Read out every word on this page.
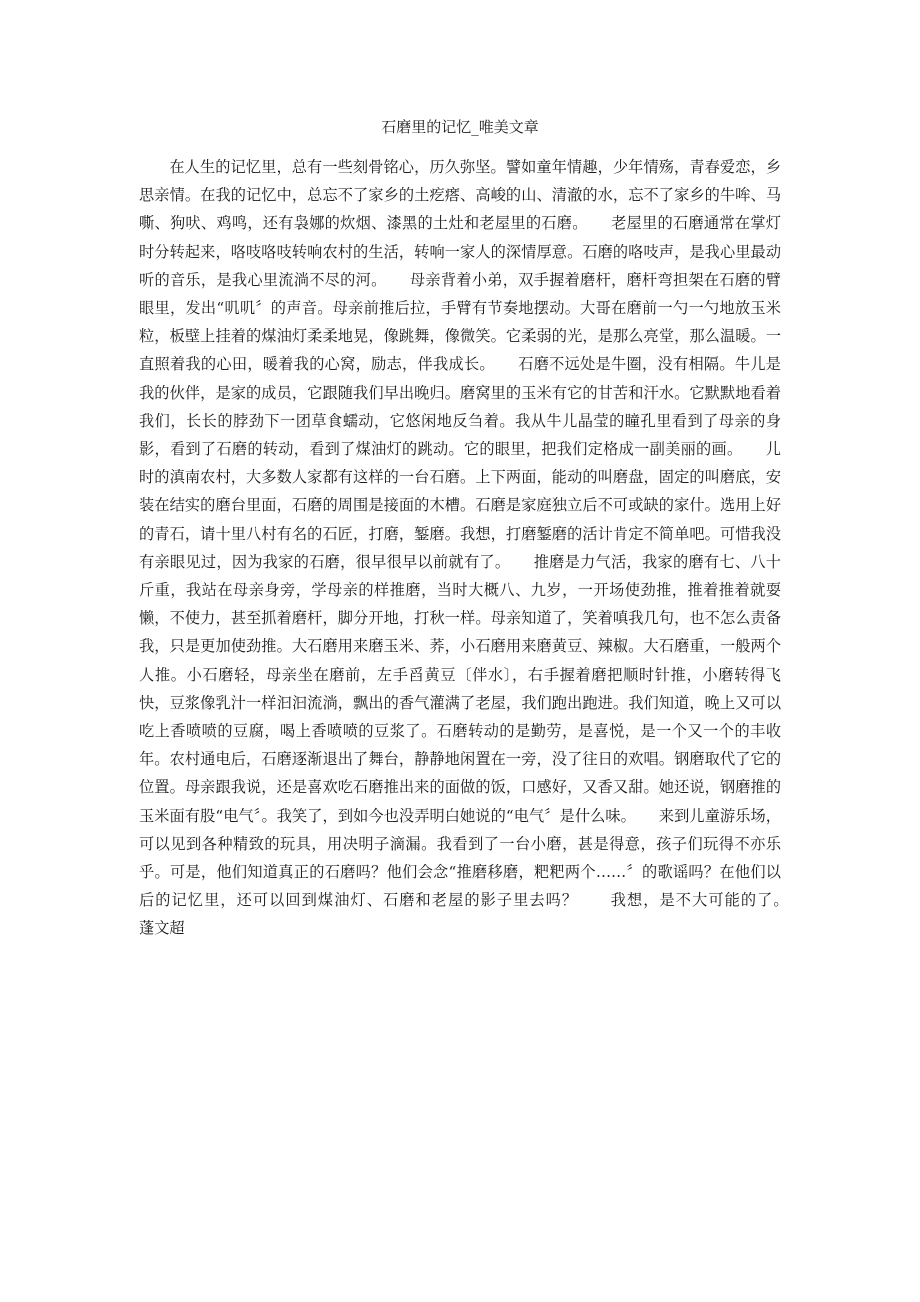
石磨里的记忆_唯美文章

在人生的记忆里，总有一些刻骨铭心，历久弥坚。譬如童年情趣，少年情殇，青春爱恋，乡思亲情。在我的记忆中，总忘不了家乡的土疙瘩、高峻的山、清澈的水，忘不了家乡的牛哞、马嘶、狗吠、鸡鸣，还有袅娜的炊烟、漆黑的土灶和老屋里的石磨。　　老屋里的石磨通常在掌灯时分转起来，咯吱咯吱转响农村的生活，转响一家人的深情厚意。石磨的咯吱声，是我心里最动听的音乐，是我心里流淌不尽的河。　　母亲背着小弟，双手握着磨杆，磨杆弯担架在石磨的臂眼里，发出“叽叽〞的声音。母亲前推后拉，手臂有节奏地摆动。大哥在磨前一勺一勺地放玉米粒，板壁上挂着的煤油灯柔柔地晃，像跳舞，像微笑。它柔弱的光，是那么亮堂，那么温暖。一直照着我的心田，暖着我的心窝，励志，伴我成长。　　石磨不远处是牛圈，没有相隔。牛儿是我的伙伴，是家的成员，它跟随我们早出晚归。磨窝里的玉米有它的甘苦和汗水。它默默地看着我们，长长的脖劲下一团草食蠕动，它悠闲地反刍着。我从牛儿晶莹的瞳孔里看到了母亲的身影，看到了石磨的转动，看到了煤油灯的跳动。它的眼里，把我们定格成一副美丽的画。　　儿时的滇南农村，大多数人家都有这样的一台石磨。上下两面，能动的叫磨盘，固定的叫磨底，安装在结实的磨台里面，石磨的周围是接面的木槽。石磨是家庭独立后不可或缺的家什。选用上好的青石，请十里八村有名的石匠，打磨，錾磨。我想，打磨錾磨的活计肯定不简单吧。可惜我没有亲眼见过，因为我家的石磨，很早很早以前就有了。　　推磨是力气活，我家的磨有七、八十斤重，我站在母亲身旁，学母亲的样推磨，当时大概八、九岁，一开场使劲推，推着推着就耍懒，不使力，甚至抓着磨杆，脚分开地，打秋一样。母亲知道了，笑着嗔我几句，也不怎么责备我，只是更加使劲推。大石磨用来磨玉米、荞，小石磨用来磨黄豆、辣椒。大石磨重，一般两个人推。小石磨轻，母亲坐在磨前，左手舀黄豆〔伴水〕，右手握着磨把顺时针推，小磨转得飞快，豆浆像乳汁一样汩汩流淌，飘出的香气灌满了老屋，我们跑出跑进。我们知道，晚上又可以吃上香喷喷的豆腐，喝上香喷喷的豆浆了。石磨转动的是勤劳，是喜悦，是一个又一个的丰收年。农村通电后，石磨逐渐退出了舞台，静静地闲置在一旁，没了往日的欢唱。钢磨取代了它的位置。母亲跟我说，还是喜欢吃石磨推出来的面做的饭，口感好，又香又甜。她还说，钢磨推的玉米面有股“电气〞。我笑了，到如今也没弄明白她说的“电气〞是什么味。　　来到儿童游乐场，可以见到各种精致的玩具，用决明子滴漏。我看到了一台小磨，甚是得意，孩子们玩得不亦乐乎。可是，他们知道真正的石磨吗？他们会念“推磨移磨，粑粑两个……〞的歌谣吗？在他们以后的记忆里，还可以回到煤油灯、石磨和老屋的影子里去吗？　　我想，是不大可能的了。　　　蓬文超
